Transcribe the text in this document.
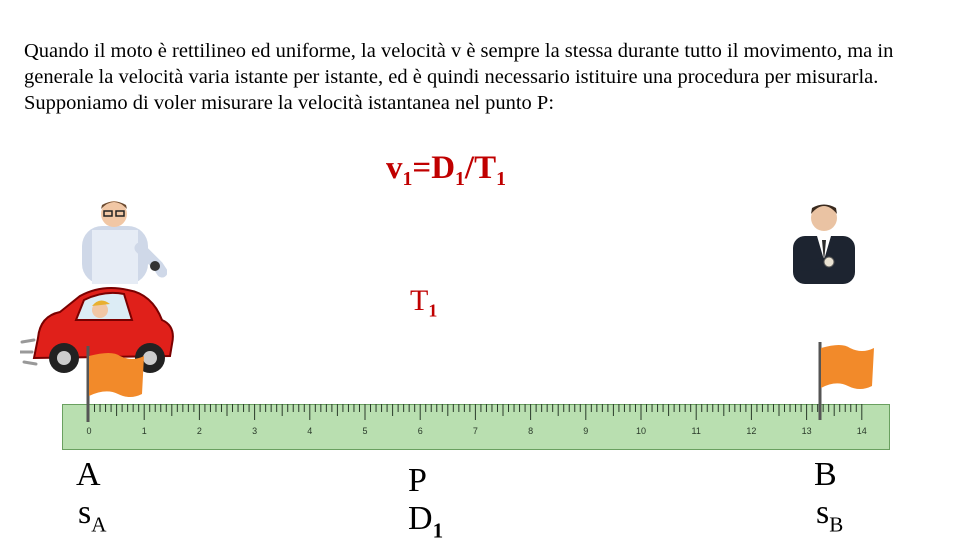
Quando il moto è rettilineo ed uniforme, la velocità v è sempre la stessa durante tutto il movimento, ma in generale la velocità varia istante per istante, ed è quindi necessario istituire una procedura per misurarla. Supponiamo di voler misurare la velocità istantanea nel punto P:

$v_1=D_1/T_1$
$T_1$
0	1	2	3	4	5	6	7	8	9	10	11	12	13	14
A
$s_A$
P
$D_1$
B
$s_B$
